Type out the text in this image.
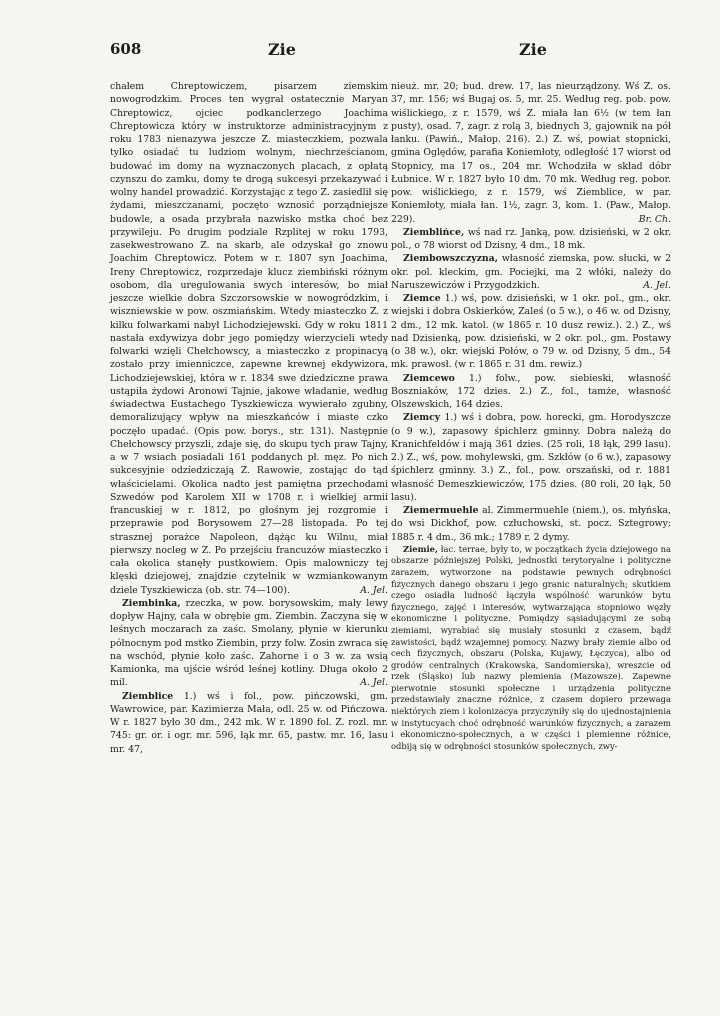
608	Zie	Zie

chałem Chreptowiczem, pisarzem ziemskim nowogrodzkim. Proces ten wygrał ostatecznie Maryan Chreptowicz, ojciec podkanclerzego Joachima Chreptowicza który w instruktorze administracyjnym z roku 1783 nienazywa jeszcze Z. miasteczkiem, pozwala tylko osiadać tu ludziom wolnym, niechrześcianom, budować im domy na wyznaczonych placach, z opłatą czynszu do zamku, domy te drogą sukcesyi przekazywać i wolny handel prowadzić. Korzystając z tego Z. zasiedlił się żydami, mieszczanami, poczęto wznosić porządniejsze budowle, a osada przybrała nazwisko mstka choć bez przywileju. Po drugim podziale Rzplitej w roku 1793, zasekwestrowano Z. na skarb, ale odzyskał go znowu Joachim Chreptowicz. Potem w r. 1807 syn Joachima, Ireny Chreptowicz, rozprzedaje klucz ziembiński różnym osobom, dla uregulowania swych interesów, bo miał jeszcze wielkie dobra Szczorsowskie w nowogródzkim, i wiszniewskie w pow. oszmiańskim. Wtedy miasteczko Z. z kilku folwarkami nabył Lichodziejewski. Gdy w roku 1811 nastała exdywizya dobr jego pomiędzy wierzycieli wtedy folwarki wzięli Chełchowscy, a miasteczko z propinacyą zostało przy imienniczce, zapewne krewnej ekdywizora, Lichodziejewskiej, która w r. 1834 swe dziedziczne prawa ustąpiła żydowi Aronowi Tajnie, jakowe władanie, według świadectwa Eustachego Tyszkiewicza wywierało zgubny, demoralizujący wpływ na mieszkańców i miaste czko poczęło upadać. (Opis pow. borys., str. 131). Następnie Chełchowscy przyszli, zdaje się, do skupu tych praw Tajny, a w 7 wsiach posiadali 161 poddanych pł. męz. Po nich sukcesyjnie odziedziczają Z. Rawowie, zostając do tąd właścicielami. Okolica nadto jest pamiętna przechodami Szwedów pod Karolem XII w 1708 r. i wielkiej armii francuskiej w r. 1812, po głośnym jej rozgromie i przeprawie pod Borysowem 27—28 listopada. Po tej strasznej porażce Napoleon, dążąc ku Wilnu, miał pierwszy nocleg w Z. Po przejściu francuzów miasteczko i cała okolica stanęły pustkowiem. Opis malowniczy tej klęski dziejowej, znajdzie czytelnik w wzmiankowanym dziele Tyszkiewicza (ob. str. 74—100).	A. Jel.

Ziembinka, rzeczka, w pow. borysowskim, mały lewy dopływ Hajny, cała w obrębie gm. Ziembin. Zaczyna się w leśnych moczarach za zaśc. Smolany, płynie w kierunku północnym pod mstko Ziembin, przy folw. Zosin zwraca się na wschód, płynie koło zaśc. Zahorne i o 3 w. za wsią Kamionka, ma ujście wśród leśnej kotliny. Długa około 2 mil.	A. Jel.

Ziemblice 1.) wś i fol., pow. pińczowski, gm. Wawrowice, par. Kazimierza Mała, odl. 25 w. od Pińczowa. W r. 1827 było 30 dm., 242 mk. W r. 1890 fol. Z. rozl. mr. 745: gr. or. i ogr. mr. 596, łąk mr. 65, pastw. mr. 16, lasu mr. 47,

nieuż. mr. 20; bud. drew. 17, las nieurządzony. Wś Z. os. 37, mr. 156; wś Bugaj os. 5, mr. 25. Według reg. pob. pow. wiślickiego, z r. 1579, wś Z. miała łan 6½ (w tem łan pusty), osad. 7, zagr. z rolą 3, biednych 3, gajownik na pół łanku. (Pawiń., Małop. 216). 2.) Z. wś, powiat stopnicki, gmina Oględów, parafia Koniemłoty, odległość 17 wiorst od Stopnicy, ma 17 os., 204 mr. Wchodziła w skład dóbr Łubnice. W r. 1827 było 10 dm. 70 mk. Według reg. pobor. pow. wiślickiego, z r. 1579, wś Ziemblice, w par. Koniemłoty, miała łan. 1½, zagr. 3, kom. 1. (Paw., Małop. 229).	Br. Ch.

Ziemblińce, wś nad rz. Janką, pow. dzisieński, w 2 okr. pol., o 78 wiorst od Dzisny, 4 dm., 18 mk.

Ziembowszczyzna, własność ziemska, pow. słucki, w 2 okr. pol. kleckim, gm. Pociejki, ma 2 włóki, należy do Naruszewiczów i Przygodzkich.	A. Jel.

Ziemce 1.) wś, pow. dzisieński, w 1 okr. pol., gm., okr. wiejski i dobra Oskierków, Zaleś (o 5 w.), o 46 w. od Dzisny, 2 dm., 12 mk. katol. (w 1865 r. 10 dusz rewiz.). 2.) Z., wś nad Dzisienką, pow. dzisieński, w 2 okr. pol., gm. Postawy (o 38 w.), okr. wiejski Połów, o 79 w. od Dzisny, 5 dm., 54 mk. prawosł. (w r. 1865 r. 31 dm. rewiz.)

Ziemcewo 1.) folw., pow. siebieski, własność Boszniaków, 172 dzies. 2.) Z., fol., tamże, własność Olszewskich, 164 dzies.

Ziemcy 1.) wś i dobra, pow. horecki, gm. Horodyszcze (o 9 w.), zapasowy śpichlerz gminny. Dobra należą do Kranichfeldów i mają 361 dzies. (25 roli, 18 łąk, 299 lasu). 2.) Z., wś, pow. mohylewski, gm. Szkłów (o 6 w.), zapasowy śpichlerz gminny. 3.) Z., fol., pow. orszański, od r. 1881 własność Demeszkiewiczów, 175 dzies. (80 roli, 20 łąk, 50 lasu).

Ziemermuehle al. Zimmermuehle (niem.), os. młyńska, do wsi Dickhof, pow. człuchowski, st. pocz. Sztegrowy; 1885 r. 4 dm., 36 mk.; 1789 r. 2 dymy.

Ziemie, łac. terrae, były to, w początkach życia dziejowego na obszarze późniejszej Polski, jednostki terytoryalne i polityczne zarazem, wytworzone na podstawie pewnych odrębności fizycznych danego obszaru i jego granic naturalnych; skutkiem czego osiadła ludność łączyła wspólność warunków bytu fizycznego, zajęć i interesów, wytwarzająca stopniowo węzły ekonomiczne i polityczne. Pomiędzy sąsiadującymi ze sobą ziemiami, wyrabiać się musiały stosunki z czasem, bądź zawistości, bądź wzajemnej pomocy. Nazwy brały ziemie albo od cech fizycznych, obszaru (Polska, Kujawy, Łęczyca), albo od grodów centralnych (Krakowska, Sandomierska), wreszcie od rzek (Śląsko) lub nazwy plemienia (Mazowsze). Zapewne pierwotnie stosunki społeczne i urządzenia polityczne przedstawiały znaczne różnice, z czasem dopiero przewaga niektórych ziem i kolonizacya przyczyniły się do ujednostajnienia w instytucyach choć odrębność warunków fizycznych, a zarazem i ekonomiczno-społecznych, a w części i plemienne różnice, odbiją się w odrębności stosunków społecznych, zwy-
